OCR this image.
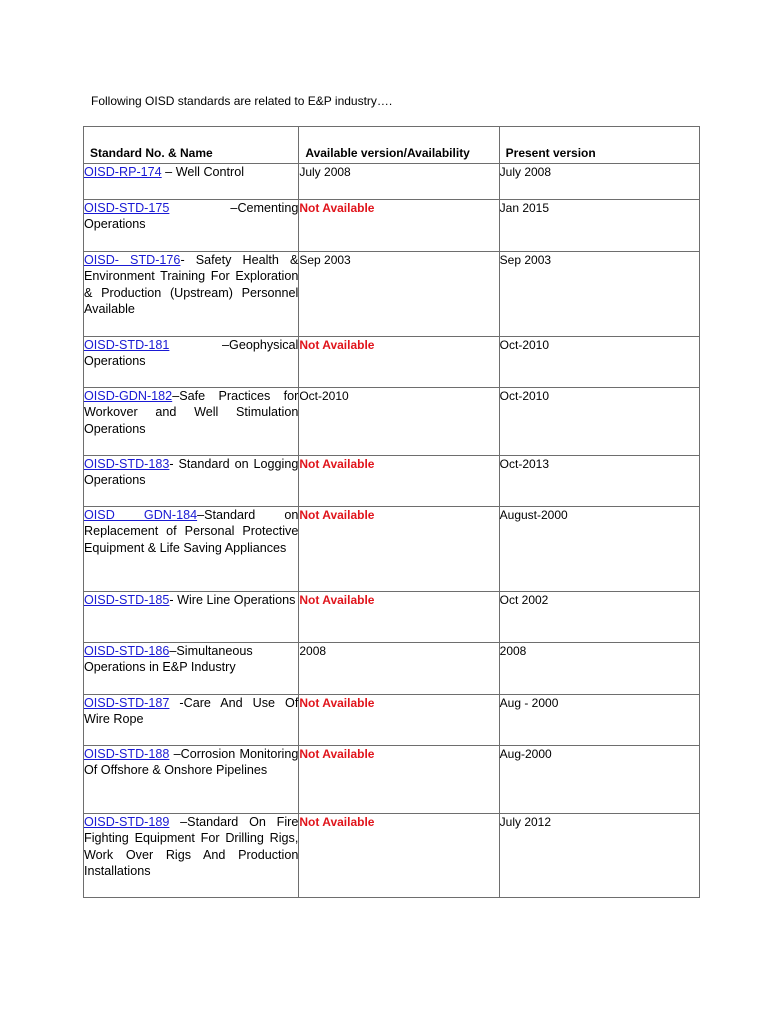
Following OISD standards are related to E&P industry….
Standard No. & Name	Available version/Availability	Present version
OISD-RP-174 – Well Control	July 2008	July 2008
OISD-STD-175 –Cementing Operations	Not Available	Jan 2015
OISD- STD-176- Safety Health & Environment Training For Exploration & Production (Upstream) Personnel Available	Sep 2003	Sep 2003
OISD-STD-181 –Geophysical Operations	Not Available	Oct-2010
OISD-GDN-182–Safe Practices for Workover and Well Stimulation Operations	Oct-2010	Oct-2010
OISD-STD-183- Standard on Logging Operations	Not Available	Oct-2013
OISD GDN-184–Standard on Replacement of Personal Protective Equipment & Life Saving Appliances	Not Available	August-2000
OISD-STD-185- Wire Line Operations	Not Available	Oct 2002
OISD-STD-186–Simultaneous Operations in E&P Industry	2008	2008
OISD-STD-187 -Care And Use Of Wire Rope	Not Available	Aug - 2000
OISD-STD-188 –Corrosion Monitoring Of Offshore & Onshore Pipelines	Not Available	Aug-2000
OISD-STD-189 –Standard On Fire Fighting Equipment For Drilling Rigs, Work Over Rigs And Production Installations	Not Available	July 2012
